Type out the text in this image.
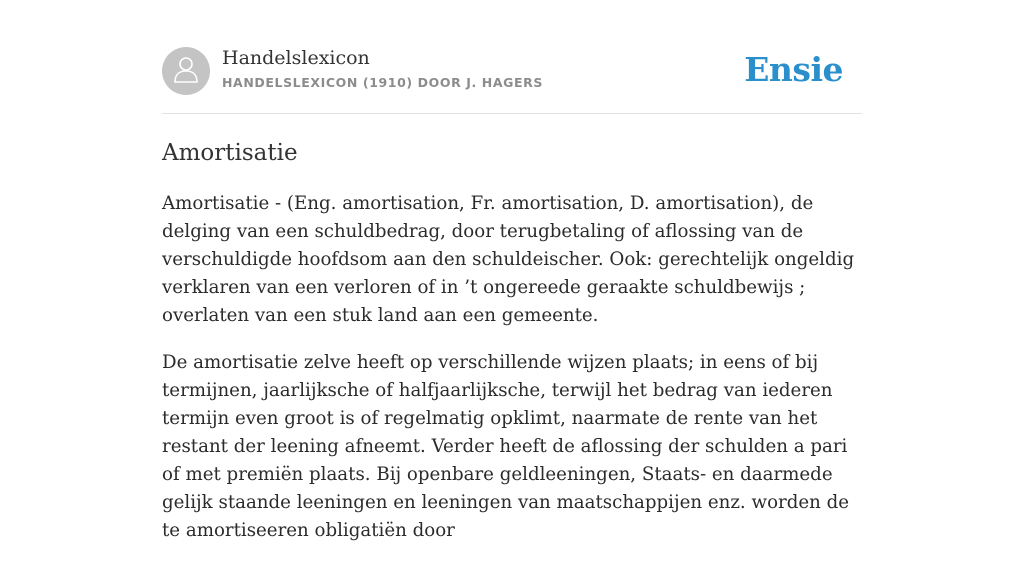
Handelslexicon
HANDELSLEXICON (1910) DOOR J. HAGERS	Ensie
Amortisatie

Amortisatie - (Eng. amortisation, Fr. amortisation, D. amortisation), de delging van een schuldbedrag, door terugbetaling of aflossing van de verschuldigde hoofdsom aan den schuldeischer. Ook: gerechtelijk ongeldig verklaren van een verloren of in ’t ongereede geraakte schuldbewijs ; overlaten van een stuk land aan een gemeente.

De amortisatie zelve heeft op verschillende wijzen plaats; in eens of bij termijnen, jaarlijksche of halfjaarlijksche, terwijl het bedrag van iederen termijn even groot is of regelmatig opklimt, naarmate de rente van het restant der leening afneemt. Verder heeft de aflossing der schulden a pari of met premiën plaats. Bij openbare geldleeningen, Staats- en daarmede gelijk staande leeningen en leeningen van maatschappijen enz. worden de te amortiseeren obligatiën door
